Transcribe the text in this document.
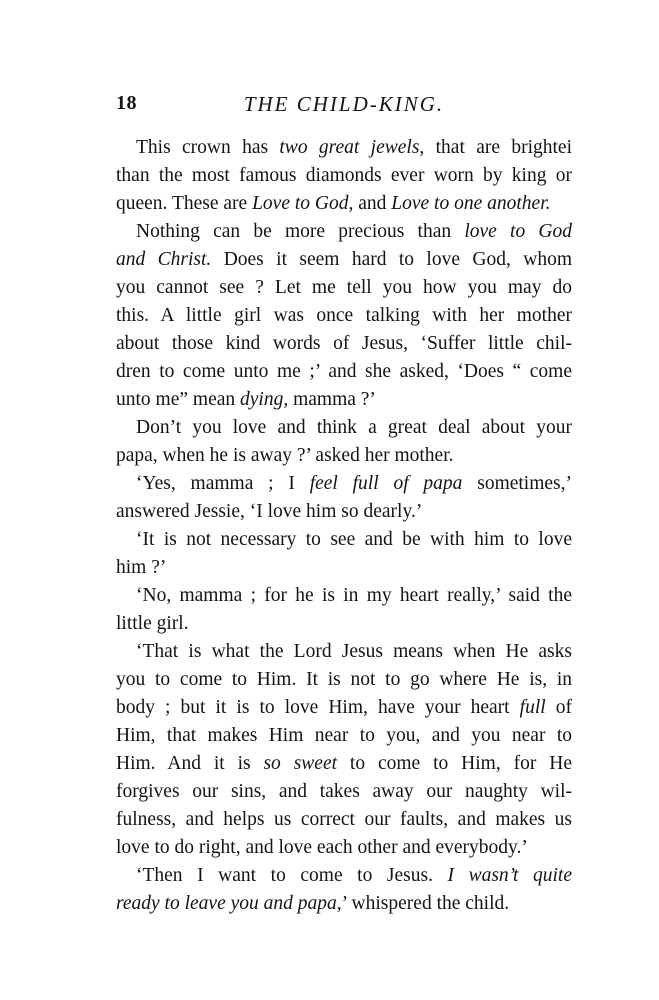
18	THE CHILD-KING.
This crown has two great jewels, that are brightei
than the most famous diamonds ever worn by king or
queen. These are Love to God, and Love to one another.
Nothing can be more precious than love to God
and Christ. Does it seem hard to love God, whom
you cannot see ? Let me tell you how you may do
this. A little girl was once talking with her mother
about those kind words of Jesus, ‘Suffer little chil-
dren to come unto me ;’ and she asked, ‘Does “ come
unto me” mean dying, mamma ?’
Don’t you love and think a great deal about your
papa, when he is away ?’ asked her mother.
‘Yes, mamma ; I feel full of papa sometimes,’
answered Jessie, ‘I love him so dearly.’
‘It is not necessary to see and be with him to love
him ?’
‘No, mamma ; for he is in my heart really,’ said the
little girl.
‘That is what the Lord Jesus means when He asks
you to come to Him. It is not to go where He is, in
body ; but it is to love Him, have your heart full of
Him, that makes Him near to you, and you near to
Him. And it is so sweet to come to Him, for He
forgives our sins, and takes away our naughty wil-
fulness, and helps us correct our faults, and makes us
love to do right, and love each other and everybody.’
‘Then I want to come to Jesus. I wasn’t quite
ready to leave you and papa,’ whispered the child.
